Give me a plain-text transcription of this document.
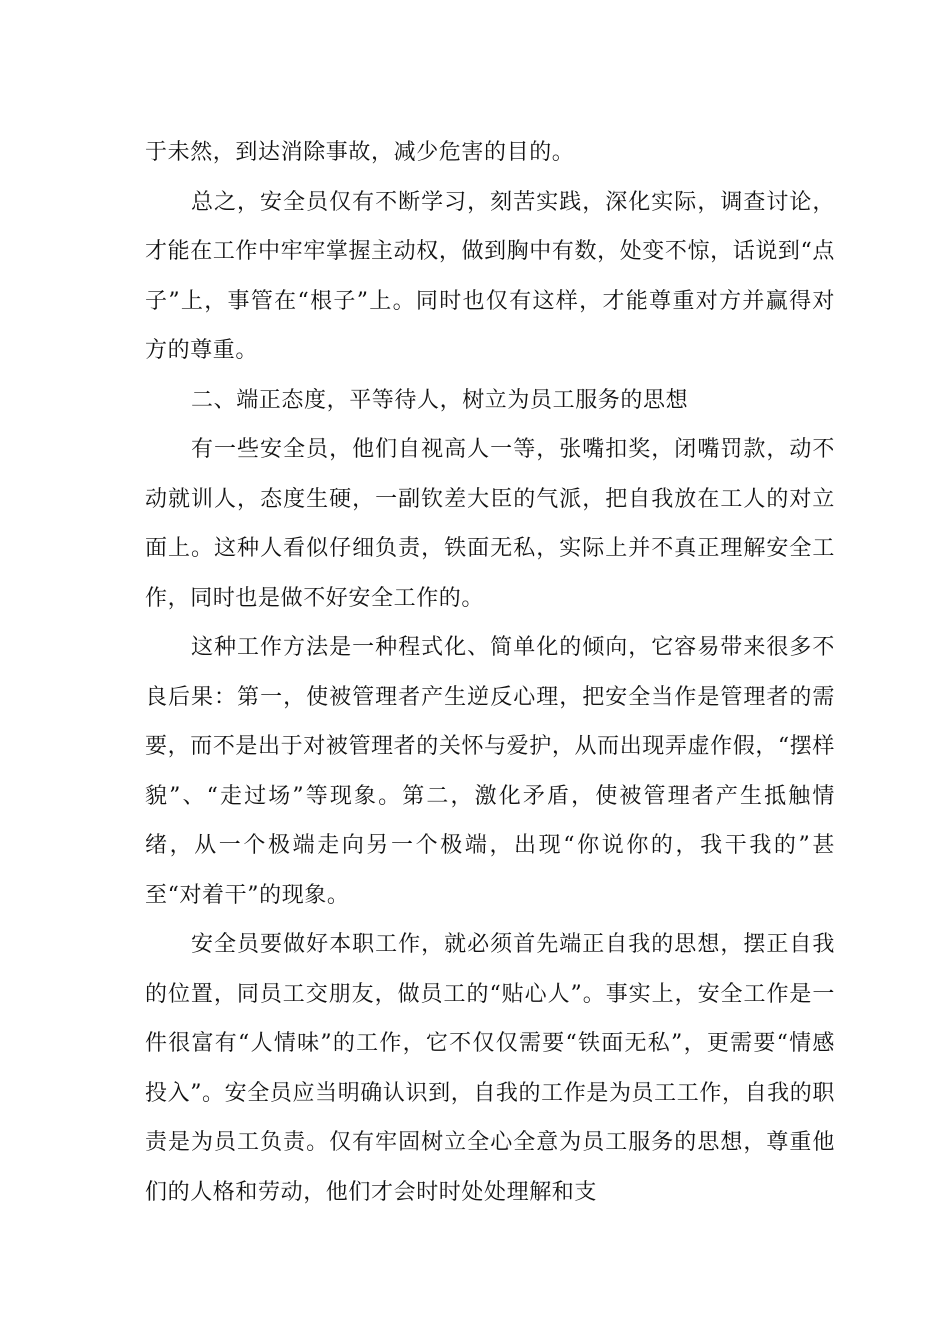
于未然，到达消除事故，减少危害的目的。

总之，安全员仅有不断学习，刻苦实践，深化实际，调查讨论，才能在工作中牢牢掌握主动权，做到胸中有数，处变不惊，话说到“点子”上，事管在“根子”上。同时也仅有这样，才能尊重对方并赢得对方的尊重。

二、端正态度，平等待人，树立为员工服务的思想

有一些安全员，他们自视高人一等，张嘴扣奖，闭嘴罚款，动不动就训人，态度生硬，一副钦差大臣的气派，把自我放在工人的对立面上。这种人看似仔细负责，铁面无私，实际上并不真正理解安全工作，同时也是做不好安全工作的。

这种工作方法是一种程式化、简单化的倾向，它容易带来很多不良后果：第一，使被管理者产生逆反心理，把安全当作是管理者的需要，而不是出于对被管理者的关怀与爱护，从而出现弄虚作假，“摆样貌”、“走过场”等现象。第二，激化矛盾，使被管理者产生抵触情绪，从一个极端走向另一个极端，出现“你说你的，我干我的”甚至“对着干”的现象。

安全员要做好本职工作，就必须首先端正自我的思想，摆正自我的位置，同员工交朋友，做员工的“贴心人”。事实上，安全工作是一件很富有“人情味”的工作，它不仅仅需要“铁面无私”，更需要“情感投入”。安全员应当明确认识到，自我的工作是为员工工作，自我的职责是为员工负责。仅有牢固树立全心全意为员工服务的思想，尊重他们的人格和劳动，他们才会时时处处理解和支
